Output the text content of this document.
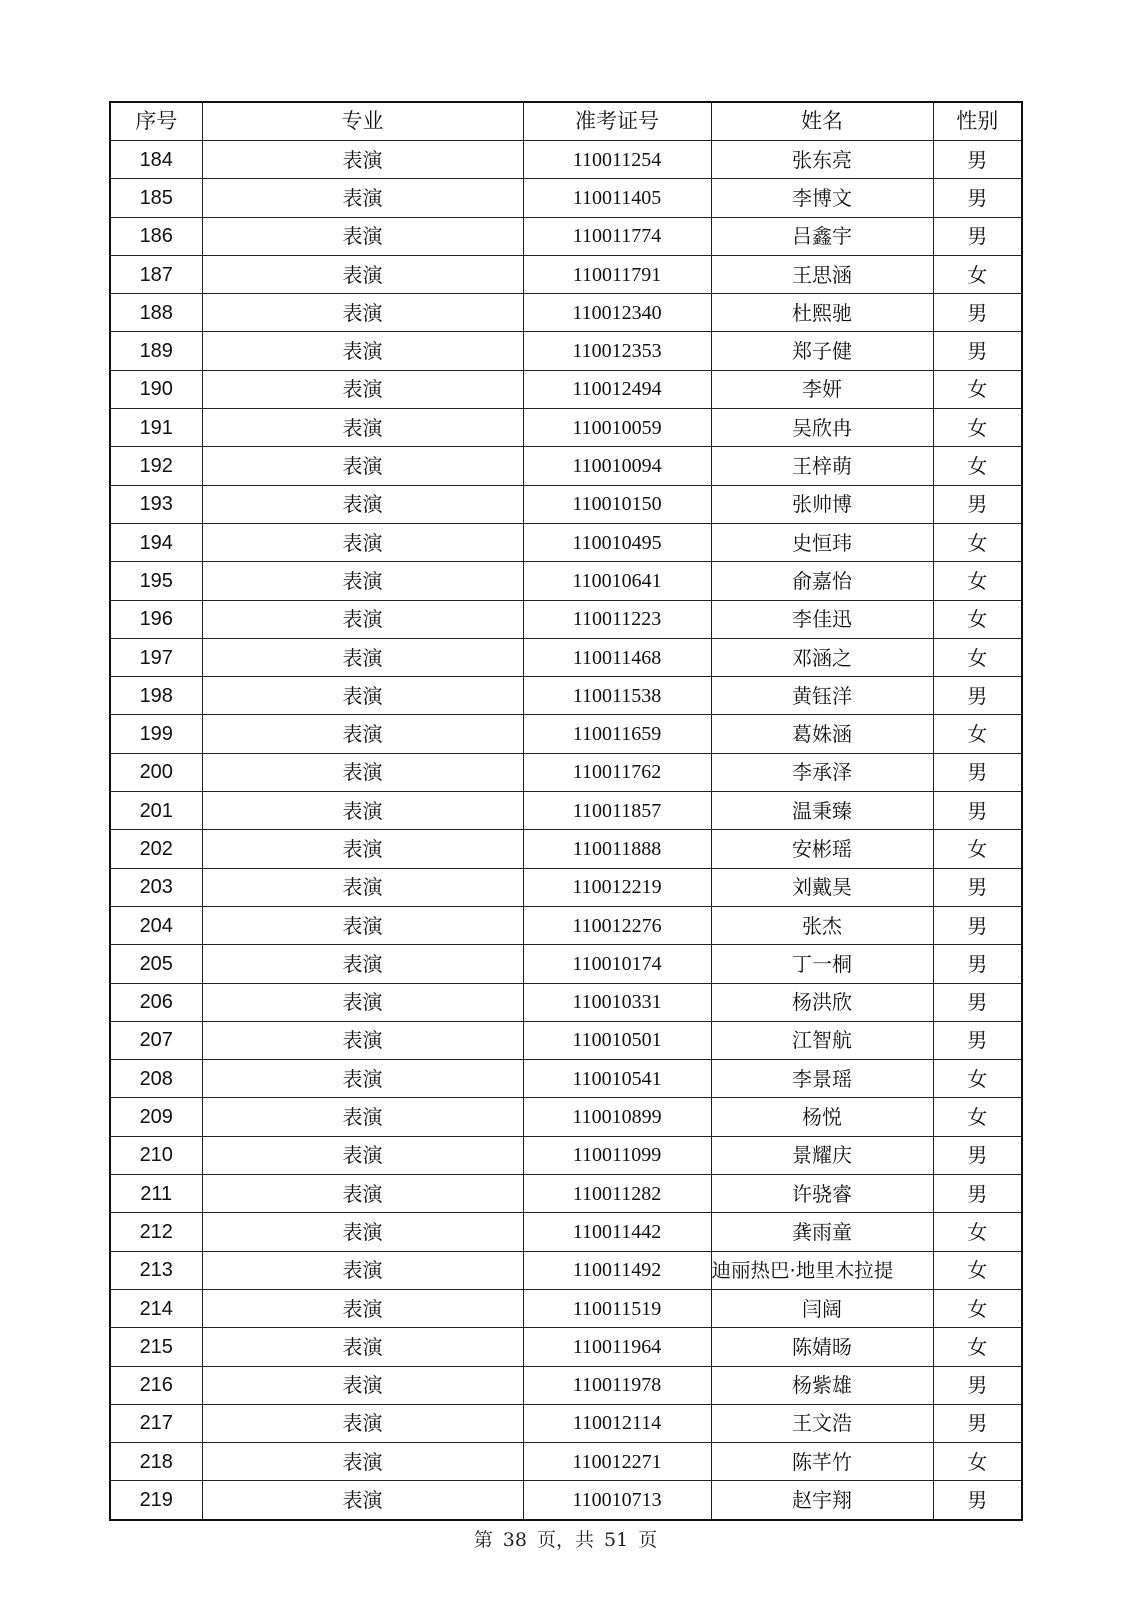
序号	专业	准考证号	姓名	性别
184	表演	110011254	张东亮	男
185	表演	110011405	李博文	男
186	表演	110011774	吕鑫宇	男
187	表演	110011791	王思涵	女
188	表演	110012340	杜熙驰	男
189	表演	110012353	郑子健	男
190	表演	110012494	李妍	女
191	表演	110010059	吴欣冉	女
192	表演	110010094	王梓萌	女
193	表演	110010150	张帅博	男
194	表演	110010495	史恒玮	女
195	表演	110010641	俞嘉怡	女
196	表演	110011223	李佳迅	女
197	表演	110011468	邓涵之	女
198	表演	110011538	黄钰洋	男
199	表演	110011659	葛姝涵	女
200	表演	110011762	李承泽	男
201	表演	110011857	温秉臻	男
202	表演	110011888	安彬瑶	女
203	表演	110012219	刘戴昊	男
204	表演	110012276	张杰	男
205	表演	110010174	丁一桐	男
206	表演	110010331	杨洪欣	男
207	表演	110010501	江智航	男
208	表演	110010541	李景瑶	女
209	表演	110010899	杨悦	女
210	表演	110011099	景耀庆	男
211	表演	110011282	许骁睿	男
212	表演	110011442	龚雨童	女
213	表演	110011492	迪丽热巴·地里木拉提	女
214	表演	110011519	闫阔	女
215	表演	110011964	陈婧旸	女
216	表演	110011978	杨紫雄	男
217	表演	110012114	王文浩	男
218	表演	110012271	陈芊竹	女
219	表演	110010713	赵宇翔	男
第 38 页，共 51 页
